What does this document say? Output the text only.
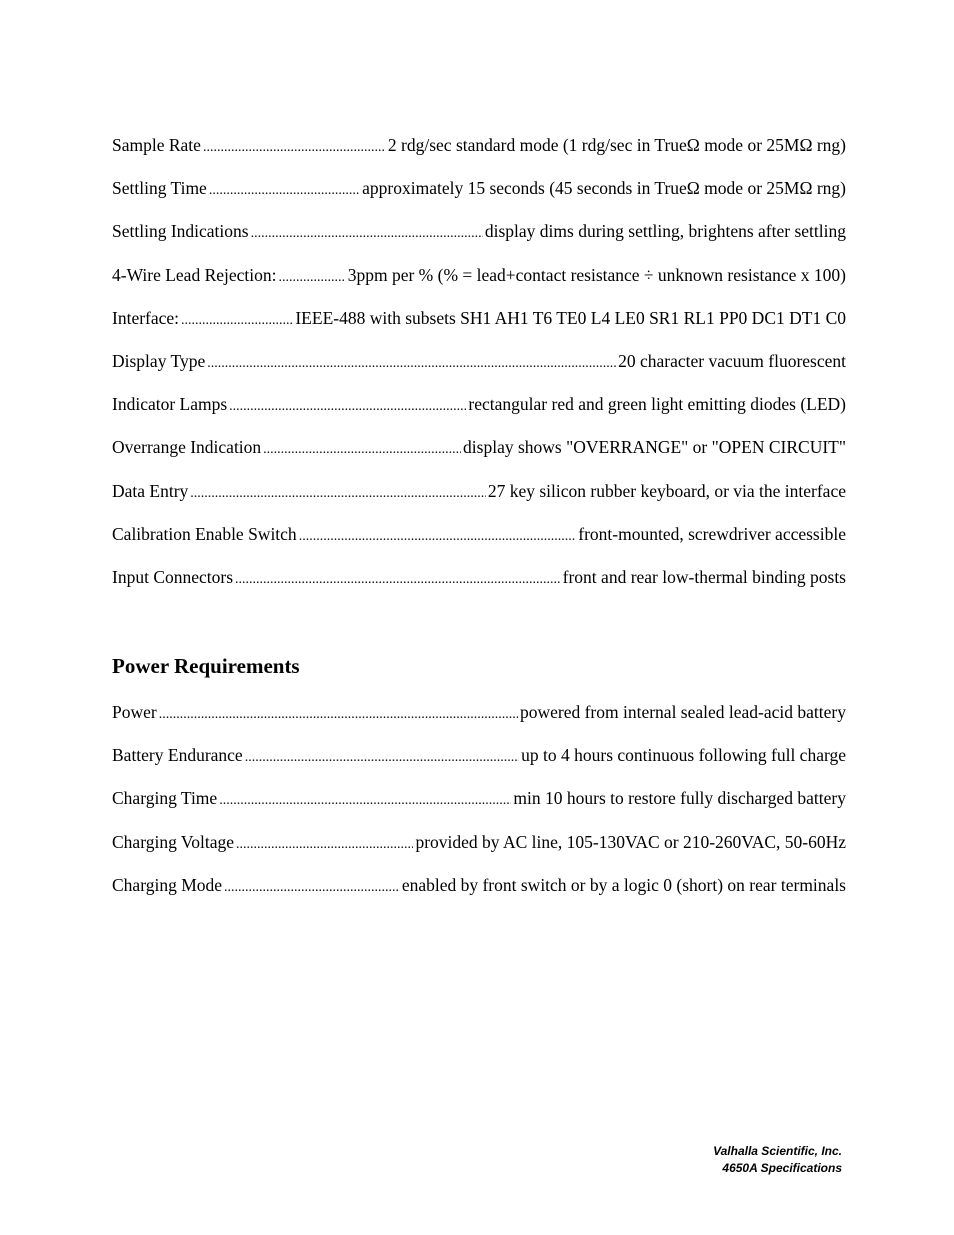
Sample Rate .....	2 rdg/sec standard mode (1 rdg/sec in TrueΩ mode or 25MΩ rng)
Settling Time .....	approximately 15 seconds (45 seconds in TrueΩ mode or 25MΩ rng)
Settling Indications .....	display dims during settling, brightens after settling
4-Wire Lead Rejection: .....	3ppm per % (% = lead+contact resistance ÷ unknown resistance x 100)
Interface: .....	IEEE-488 with subsets SH1 AH1 T6 TE0 L4 LE0 SR1 RL1 PP0 DC1 DT1 C0
Display Type .....	20 character vacuum fluorescent
Indicator Lamps .....	rectangular red and green light emitting diodes (LED)
Overrange Indication .....	display shows "OVERRANGE" or "OPEN CIRCUIT"
Data Entry .....	27 key silicon rubber keyboard, or via the interface
Calibration Enable Switch .....	front-mounted, screwdriver accessible
Input Connectors .....	front and rear low-thermal binding posts
Power Requirements
Power .....	powered from internal sealed lead-acid battery
Battery Endurance .....	up to 4 hours continuous following full charge
Charging Time .....	min 10 hours to restore fully discharged battery
Charging Voltage .....	provided by AC line, 105-130VAC or 210-260VAC, 50-60Hz
Charging Mode .....	enabled by front switch or by a logic 0 (short) on rear terminals
Valhalla Scientific, Inc.
4650A Specifications
